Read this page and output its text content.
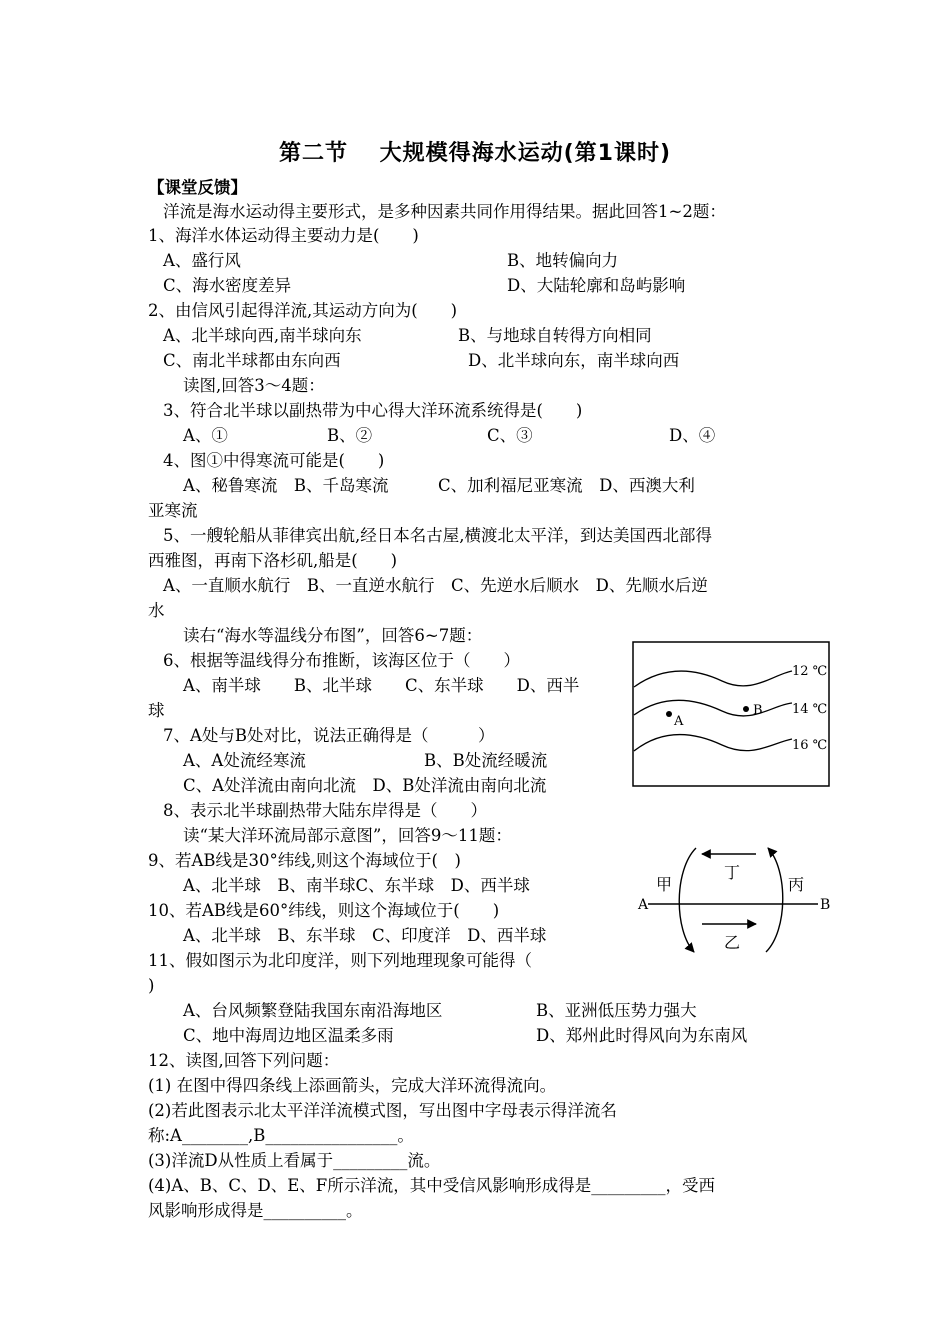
第二节　 大规模得海水运动(第1课时)
【课堂反馈】
洋流是海水运动得主要形式，是多种因素共同作用得结果。据此回答1~2题：
1、海洋水体运动得主要动力是(　　)
A、盛行风	B、地转偏向力
C、海水密度差异	D、大陆轮廓和岛屿影响
2、由信风引起得洋流,其运动方向为(　　)
A、北半球向西,南半球向东	B、与地球自转得方向相同
C、南北半球都由东向西	D、北半球向东，南半球向西
读图,回答3～4题：
3、符合北半球以副热带为中心得大洋环流系统得是(　　)
A、①	B、②	C、③	D、④
4、图①中得寒流可能是(　　)
A、秘鲁寒流　B、千岛寒流　　　C、加利福尼亚寒流　D、西澳大利
亚寒流
5、一艘轮船从菲律宾出航,经日本名古屋,横渡北太平洋，到达美国西北部得
西雅图，再南下洛杉矶,船是(　　)
A、一直顺水航行　B、一直逆水航行　C、先逆水后顺水　D、先顺水后逆
水
读右“海水等温线分布图”，回答6~7题：
6、根据等温线得分布推断，该海区位于（　　）
A、南半球　　B、北半球　　C、东半球　　D、西半
球
7、A处与B处对比，说法正确得是（　　　）
A、A处流经寒流	B、B处流经暖流
C、A处洋流由南向北流　D、B处洋流由南向北流
8、表示北半球副热带大陆东岸得是（　　）
读“某大洋环流局部示意图”，回答9～11题：
9、若AB线是30°纬线,则这个海域位于(　)
A、北半球　B、南半球C、东半球　D、西半球
10、若AB线是60°纬线，则这个海域位于(　　)
A、北半球　B、东半球　C、印度洋　D、西半球
11、假如图示为北印度洋，则下列地理现象可能得（
)
A、台风频繁登陆我国东南沿海地区	B、亚洲低压势力强大
C、地中海周边地区温柔多雨	D、郑州此时得风向为东南风
12、读图,回答下列问题：
(1) 在图中得四条线上添画箭头，完成大洋环流得流向。
(2)若此图表示北太平洋洋流模式图，写出图中字母表示得洋流名
称:A________,B________________。
(3)洋流D从性质上看属于_________流。
(4)A、B、C、D、E、F所示洋流，其中受信风影响形成得是_________，受西
风影响形成得是__________。
12 ℃
14 ℃
16 ℃
A
B
甲	丙
丁
乙
A	B
